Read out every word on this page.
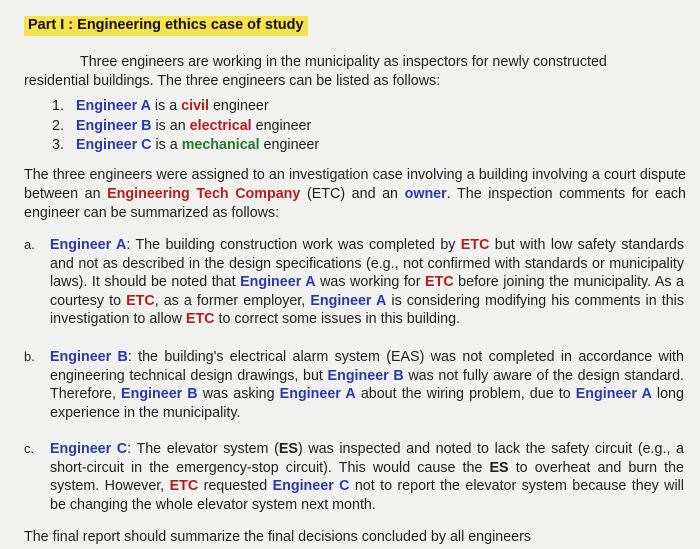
Part I : Engineering ethics case of study
Three engineers are working in the municipality as inspectors for newly constructed
residential buildings. The three engineers can be listed as follows:
1. Engineer A is a civil engineer
2. Engineer B is an electrical engineer
3. Engineer C is a mechanical engineer
The three engineers were assigned to an investigation case involving a building involving a court dispute between an Engineering Tech Company (ETC) and an owner. The inspection comments for each engineer can be summarized as follows:
a. Engineer A: The building construction work was completed by ETC but with low safety standards and not as described in the design specifications (e.g., not confirmed with standards or municipality laws). It should be noted that Engineer A was working for ETC before joining the municipality. As a courtesy to ETC, as a former employer, Engineer A is considering modifying his comments in this investigation to allow ETC to correct some issues in this building.
b. Engineer B: the building's electrical alarm system (EAS) was not completed in accordance with engineering technical design drawings, but Engineer B was not fully aware of the design standard. Therefore, Engineer B was asking Engineer A about the wiring problem, due to Engineer A long experience in the municipality.
c. Engineer C: The elevator system (ES) was inspected and noted to lack the safety circuit (e.g., a short-circuit in the emergency-stop circuit). This would cause the ES to overheat and burn the system. However, ETC requested Engineer C not to report the elevator system because they will be changing the whole elevator system next month.
The final report should summarize the final decisions concluded by all engineers
